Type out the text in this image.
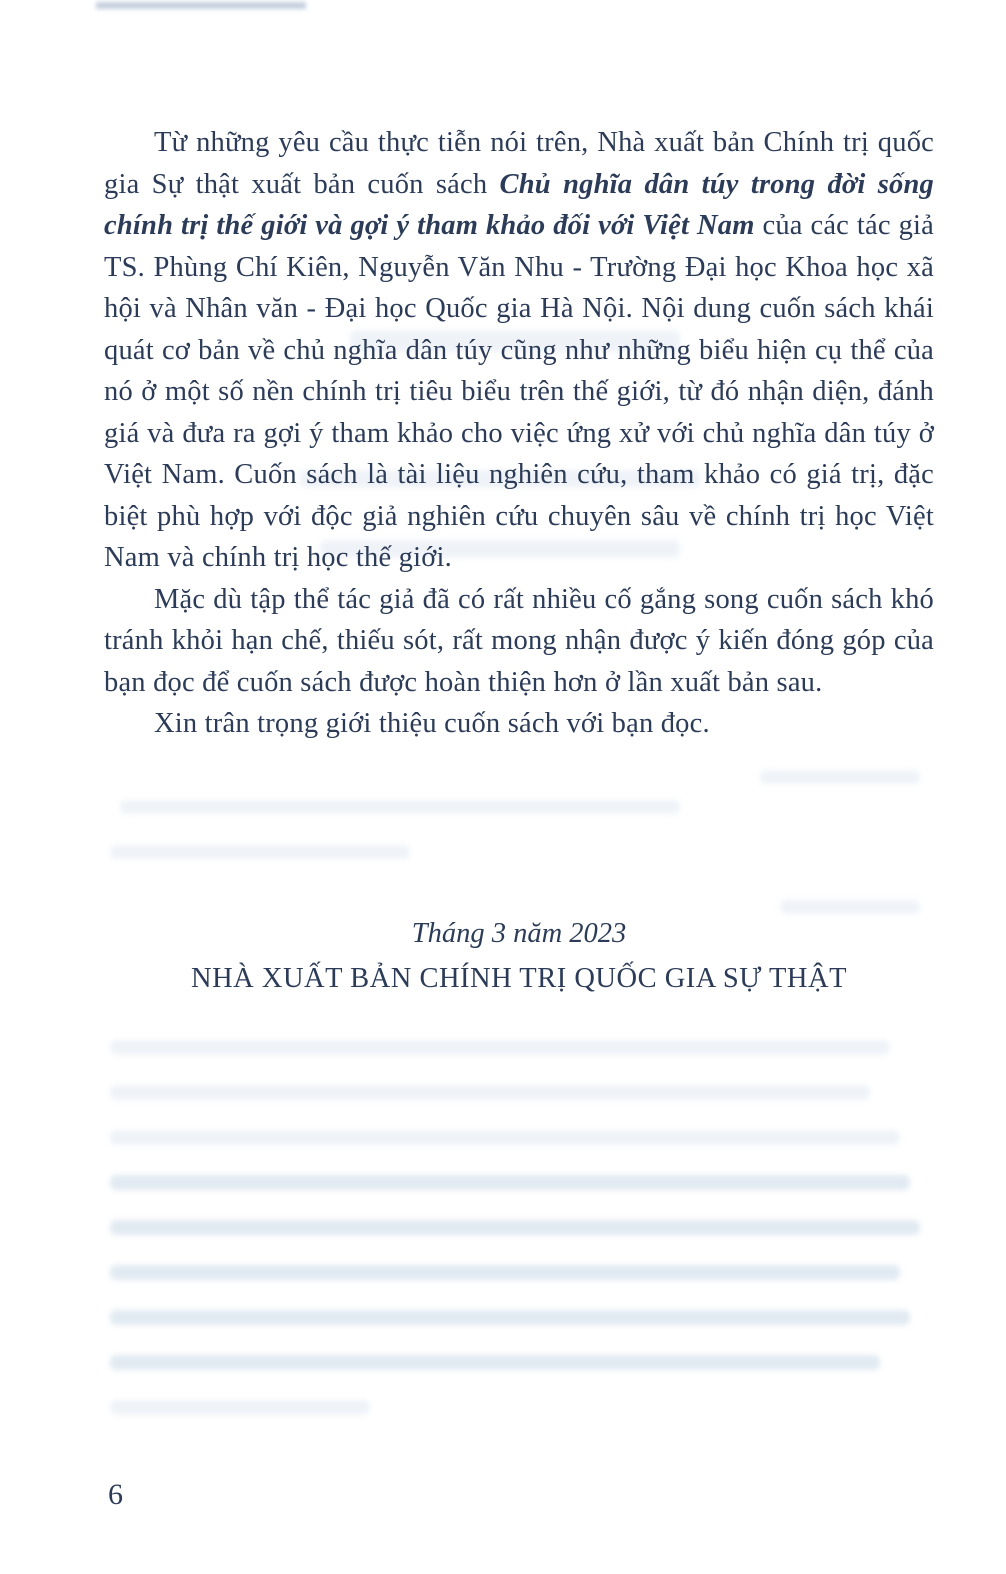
Từ những yêu cầu thực tiễn nói trên, Nhà xuất bản Chính trị quốc gia Sự thật xuất bản cuốn sách Chủ nghĩa dân túy trong đời sống chính trị thế giới và gợi ý tham khảo đối với Việt Nam của các tác giả TS. Phùng Chí Kiên, Nguyễn Văn Nhu - Trường Đại học Khoa học xã hội và Nhân văn - Đại học Quốc gia Hà Nội. Nội dung cuốn sách khái quát cơ bản về chủ nghĩa dân túy cũng như những biểu hiện cụ thể của nó ở một số nền chính trị tiêu biểu trên thế giới, từ đó nhận diện, đánh giá và đưa ra gợi ý tham khảo cho việc ứng xử với chủ nghĩa dân túy ở Việt Nam. Cuốn sách là tài liệu nghiên cứu, tham khảo có giá trị, đặc biệt phù hợp với độc giả nghiên cứu chuyên sâu về chính trị học Việt Nam và chính trị học thế giới.

Mặc dù tập thể tác giả đã có rất nhiều cố gắng song cuốn sách khó tránh khỏi hạn chế, thiếu sót, rất mong nhận được ý kiến đóng góp của bạn đọc để cuốn sách được hoàn thiện hơn ở lần xuất bản sau.

Xin trân trọng giới thiệu cuốn sách với bạn đọc.

Tháng 3 năm 2023

NHÀ XUẤT BẢN CHÍNH TRỊ QUỐC GIA SỰ THẬT

6
